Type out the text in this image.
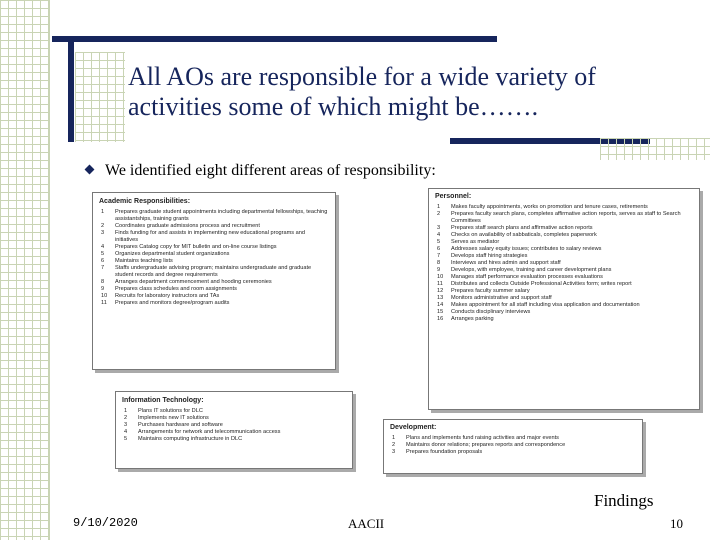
All AOs are responsible for a wide variety of activities some of which might be…….
We identified eight different areas of responsibility:
Academic Responsibilities:
1	Prepares graduate student appointments including departmental fellowships, teaching assistantships, training grants
2	Coordinates graduate admissions process and recruitment
3	Finds funding for and assists in implementing new educational programs and initiatives
4	Prepares Catalog copy for MIT bulletin and on-line course listings
5	Organizes departmental student organizations
6	Maintains teaching lists
7	Staffs undergraduate advising program; maintains undergraduate and graduate student records and degree requirements
8	Arranges department commencement and hooding ceremonies
9	Prepares class schedules and room assignments
10	Recruits for laboratory instructors and TAs
11	Prepares and monitors degree/program audits
Personnel:
1	Makes faculty appointments, works on promotion and tenure cases, retirements
2	Prepares faculty search plans, completes affirmative action reports, serves as staff to Search Committees
3	Prepares staff search plans and affirmative action reports
4	Checks on availability of sabbaticals, completes paperwork
5	Serves as mediator
6	Addresses salary equity issues; contributes to salary reviews
7	Develops staff hiring strategies
8	Interviews and hires admin and support staff
9	Develops, with employee, training and career development plans
10	Manages staff performance evaluation processes evaluations
11	Distributes and collects Outside Professional Activities form; writes report
12	Prepares faculty summer salary
13	Monitors administrative and support staff
14	Makes appointment for all staff including visa application and documentation
15	Conducts disciplinary interviews
16	Arranges parking
Information Technology:
1	Plans IT solutions for DLC
2	Implements new IT solutions
3	Purchases hardware and software
4	Arrangements for network and telecommunication access
5	Maintains computing infrastructure in DLC
Development:
1	Plans and implements fund raising activities and major events
2	Maintains donor relations; prepares reports and correspondence
3	Prepares foundation proposals
Findings
9/10/2020	AACII	10
